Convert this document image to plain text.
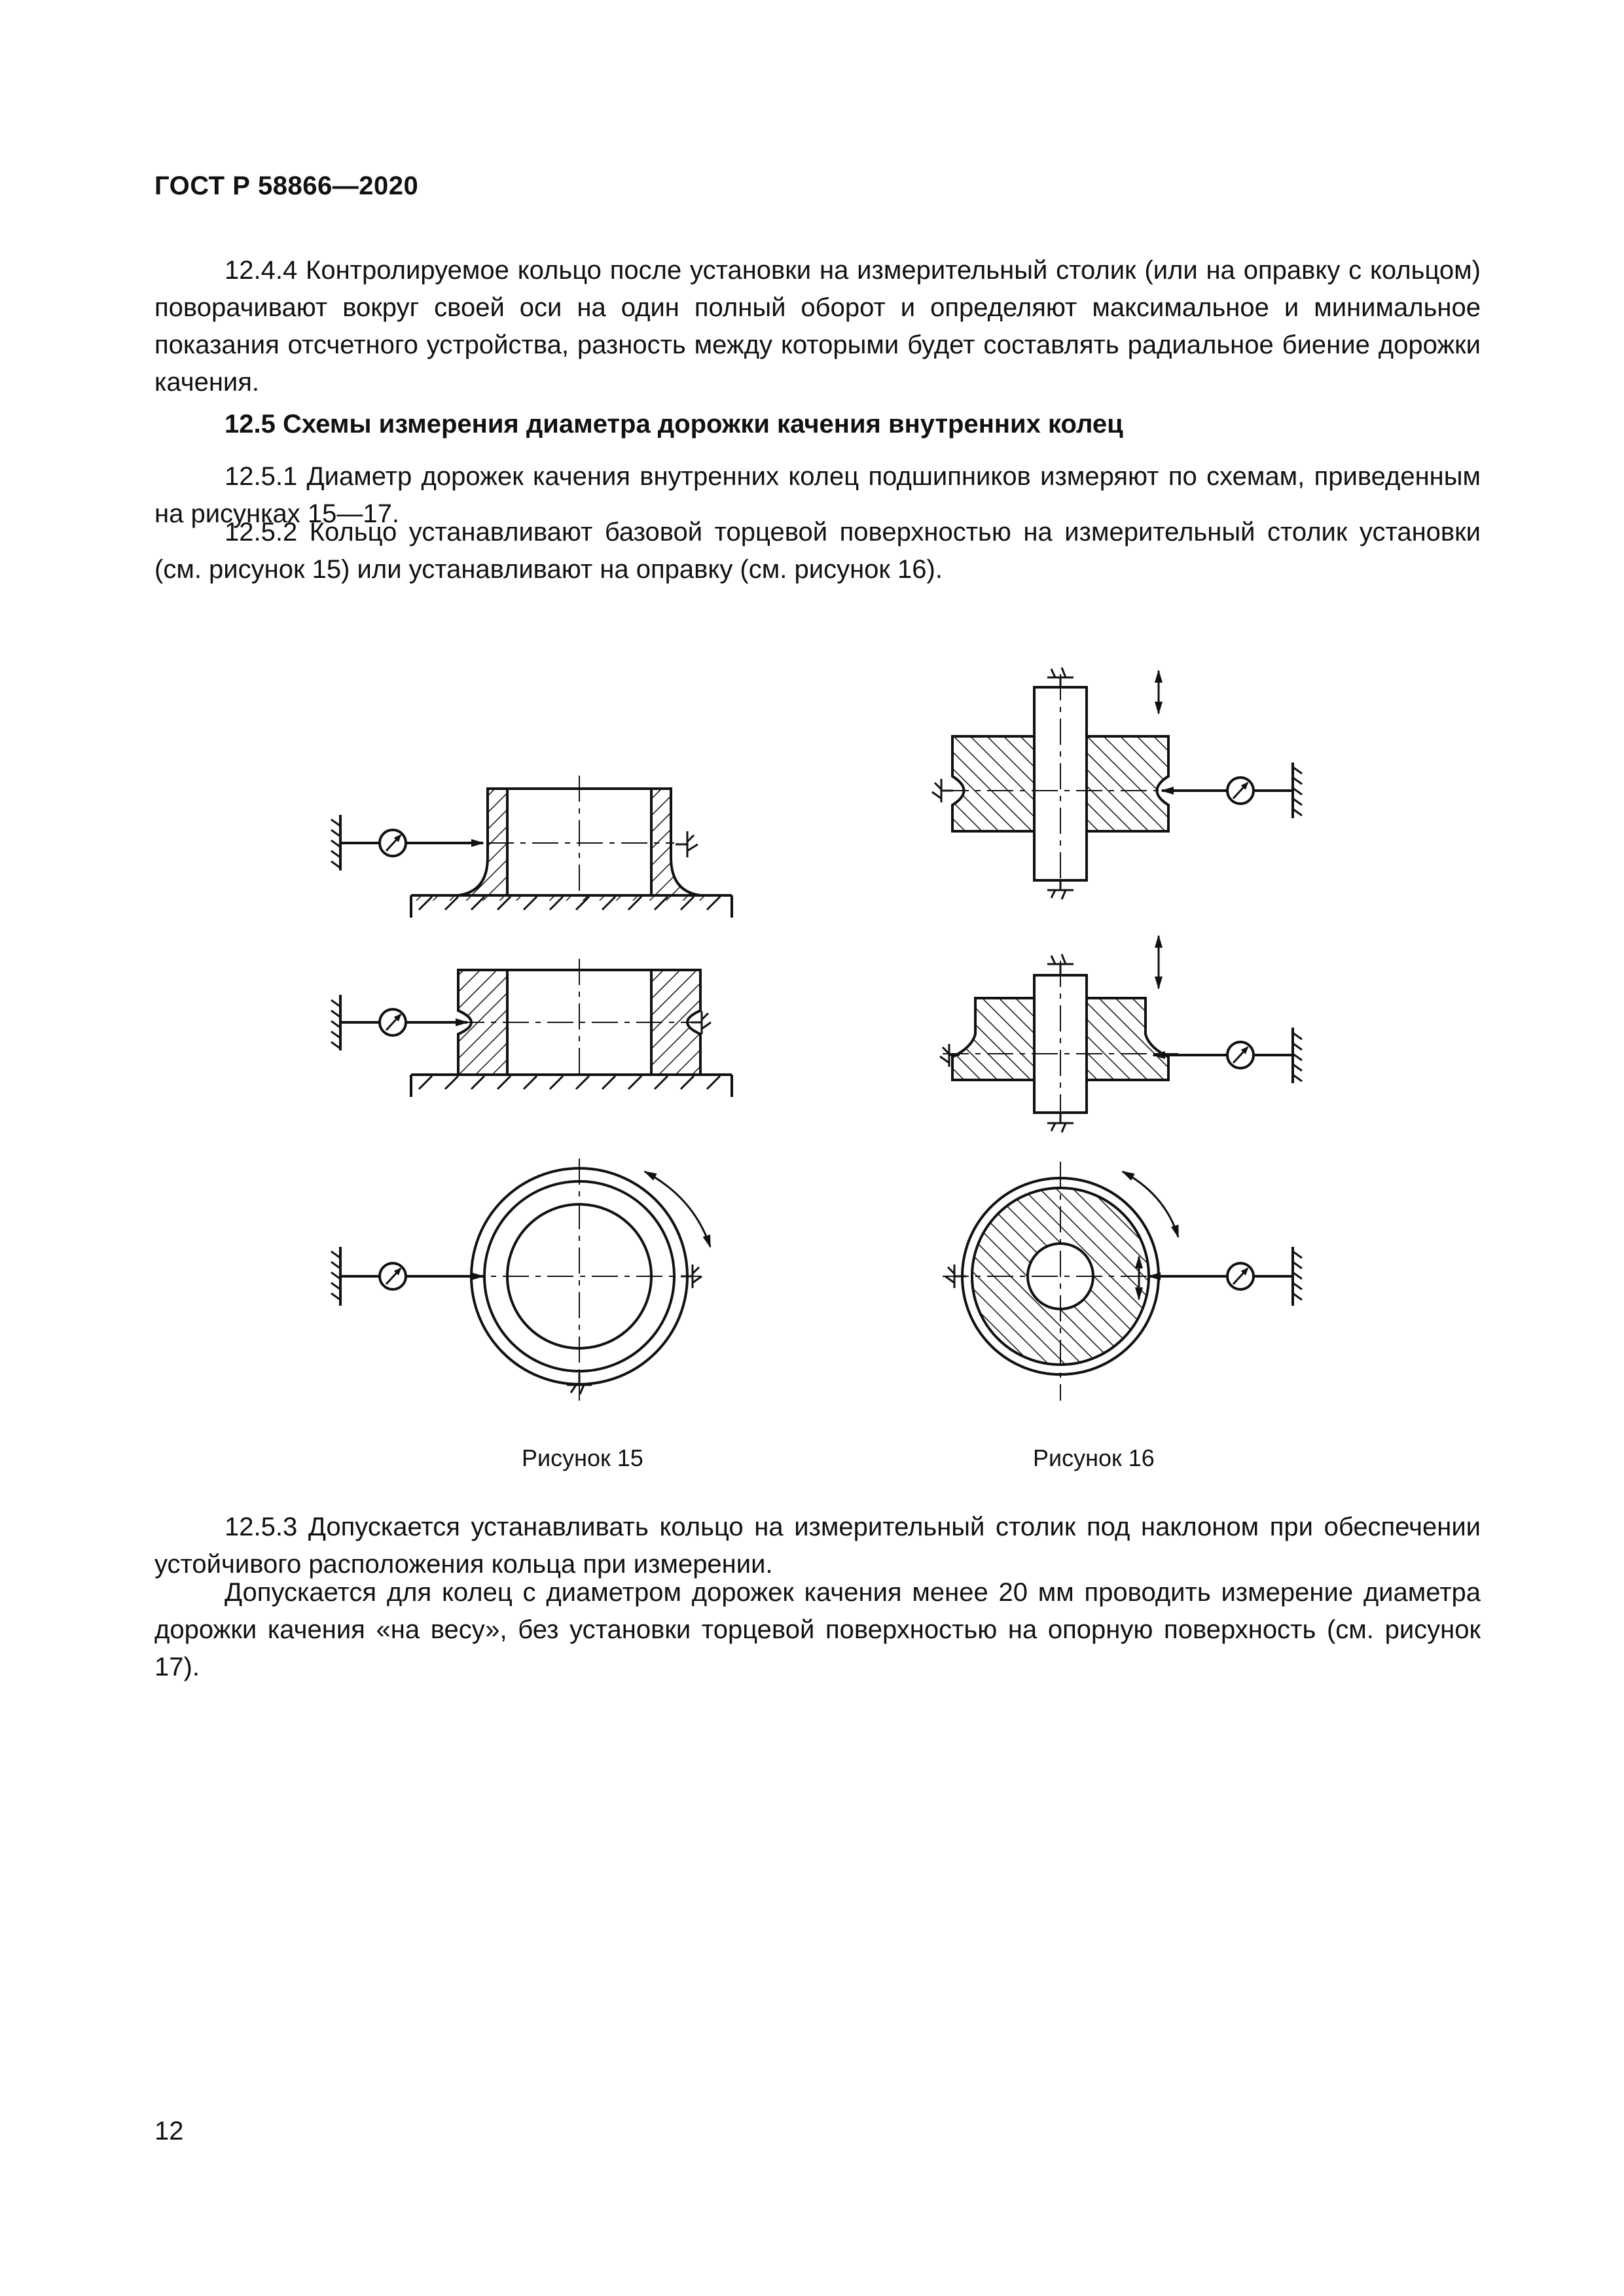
ГОСТ Р 58866—2020

12.4.4 Контролируемое кольцо после установки на измерительный столик (или на оправку с кольцом) поворачивают вокруг своей оси на один полный оборот и определяют максимальное и минимальное показания отсчетного устройства, разность между которыми будет составлять радиальное биение дорожки качения.

12.5 Схемы измерения диаметра дорожки качения внутренних колец

12.5.1 Диаметр дорожек качения внутренних колец подшипников измеряют по схемам, приведенным на рисунках 15—17.

12.5.2 Кольцо устанавливают базовой торцевой поверхностью на измерительный столик установки (см. рисунок 15) или устанавливают на оправку (см. рисунок 16).

Рисунок 15	Рисунок 16

12.5.3 Допускается устанавливать кольцо на измерительный столик под наклоном при обеспечении устойчивого расположения кольца при измерении.

Допускается для колец с диаметром дорожек качения менее 20 мм проводить измерение диаметра дорожки качения «на весу», без установки торцевой поверхностью на опорную поверхность (см. рисунок 17).

12
